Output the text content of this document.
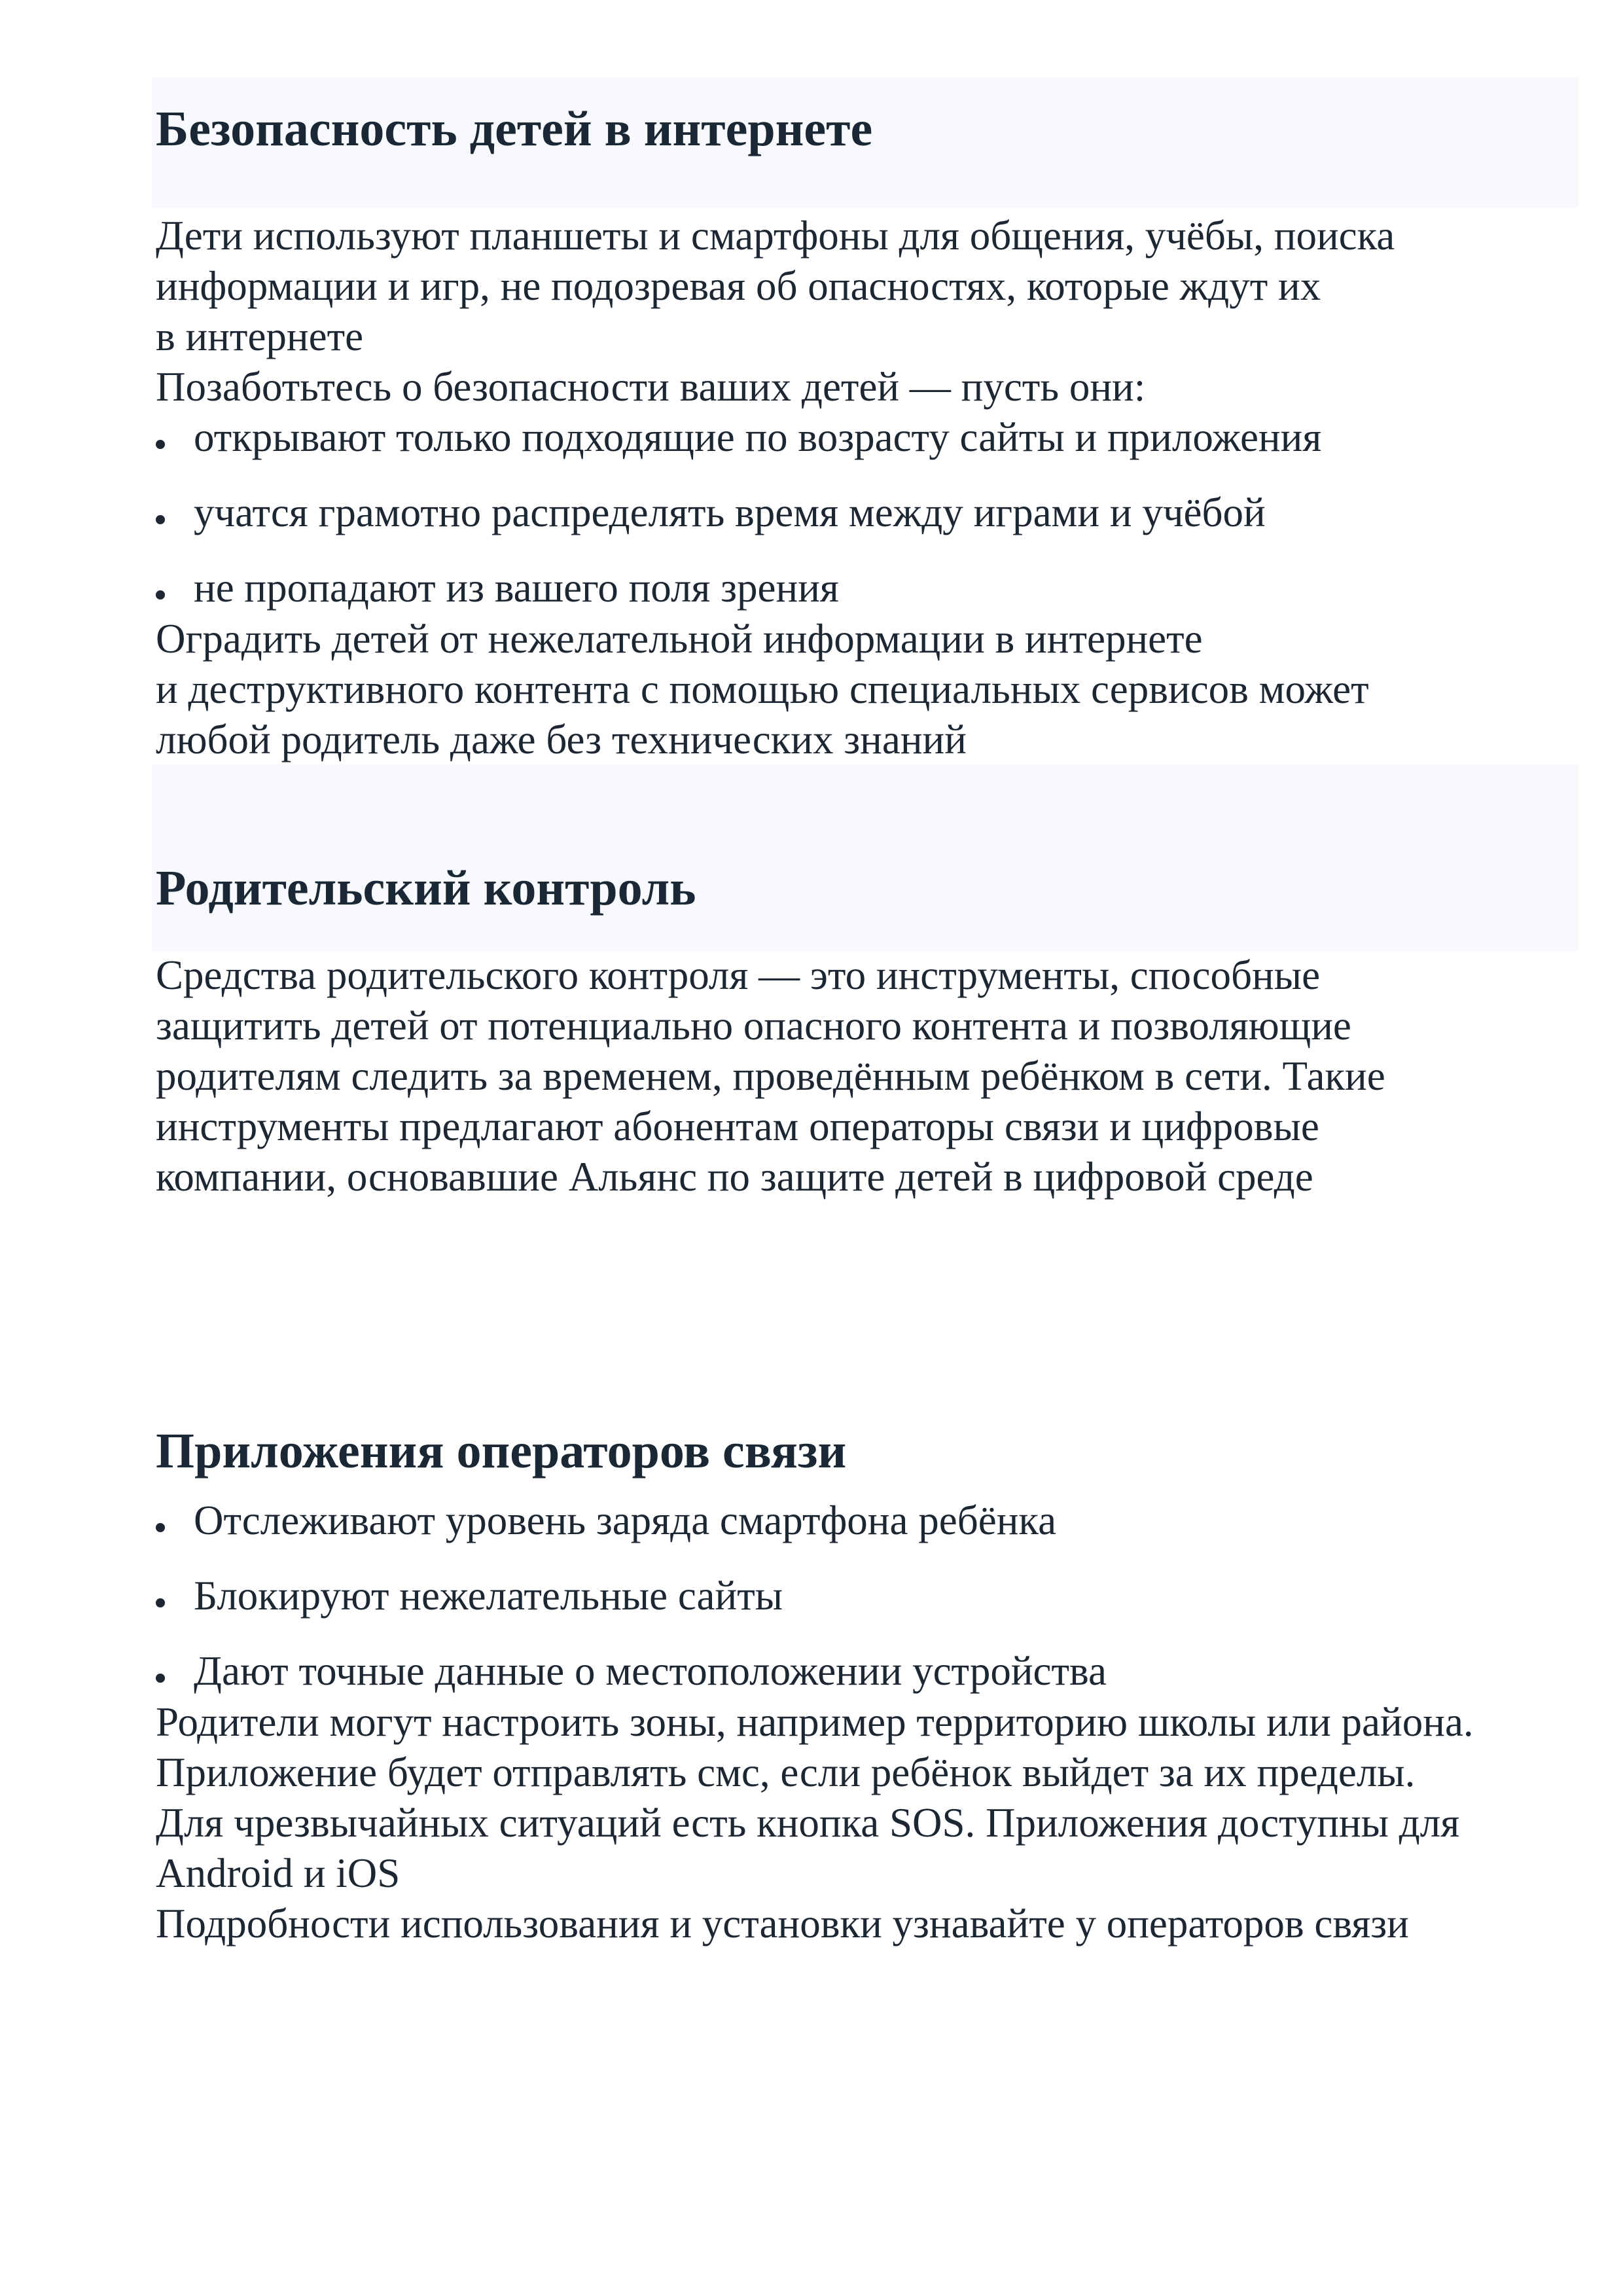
Безопасность детей в интернете
Дети используют планшеты и смартфоны для общения, учёбы, поиска
информации и игр, не подозревая об опасностях, которые ждут их
в интернете
Позаботьтесь о безопасности ваших детей — пусть они:
открывают только подходящие по возрасту сайты и приложения
учатся грамотно распределять время между играми и учёбой
не пропадают из вашего поля зрения
Оградить детей от нежелательной информации в интернете
и деструктивного контента с помощью специальных сервисов может
любой родитель даже без технических знаний
Родительский контроль
Средства родительского контроля — это инструменты, способные
защитить детей от потенциально опасного контента и позволяющие
родителям следить за временем, проведённым ребёнком в сети. Такие
инструменты предлагают абонентам операторы связи и цифровые
компании, основавшие Альянс по защите детей в цифровой среде
Приложения операторов связи
Отслеживают уровень заряда смартфона ребёнка
Блокируют нежелательные сайты
Дают точные данные о местоположении устройства
Родители могут настроить зоны, например территорию школы или района.
Приложение будет отправлять смс, если ребёнок выйдет за их пределы.
Для чрезвычайных ситуаций есть кнопка SOS. Приложения доступны для
Android и iOS
Подробности использования и установки узнавайте у операторов связи
